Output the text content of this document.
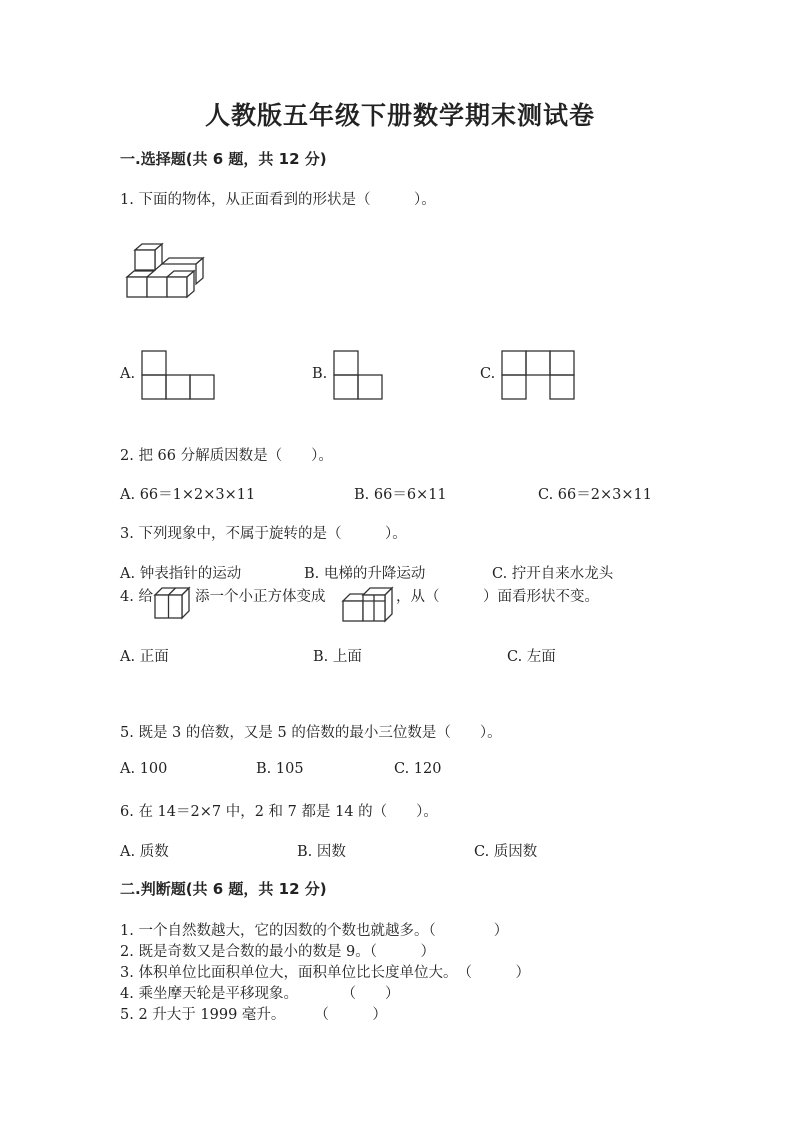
人教版五年级下册数学期末测试卷
一.选择题(共 6 题，共 12 分)
1. 下面的物体，从正面看到的形状是（　　　）。
A.	B.	C.
2. 把 66 分解质因数是（　　）。
A. 66＝1×2×3×11	B. 66＝6×11	C. 66＝2×3×11
3. 下列现象中，不属于旋转的是（　　　）。
A. 钟表指针的运动	B. 电梯的升降运动	C. 拧开自来水龙头
4. 给	添一个小正方体变成	，从（　　　）面看形状不变。
A. 正面	B. 上面	C. 左面
5. 既是 3 的倍数，又是 5 的倍数的最小三位数是（　　）。
A. 100	B. 105	C. 120
6. 在 14＝2×7 中，2 和 7 都是 14 的（　　）。
A. 质数	B. 因数	C. 质因数
二.判断题(共 6 题，共 12 分)
1. 一个自然数越大，它的因数的个数也就越多。（　　　　）
2. 既是奇数又是合数的最小的数是 9。（　　　）
3. 体积单位比面积单位大，面积单位比长度单位大。　（　　　）
4. 乘坐摩天轮是平移现象。　　　　（　　）
5. 2 升大于 1999 毫升。　　　（　　　）
